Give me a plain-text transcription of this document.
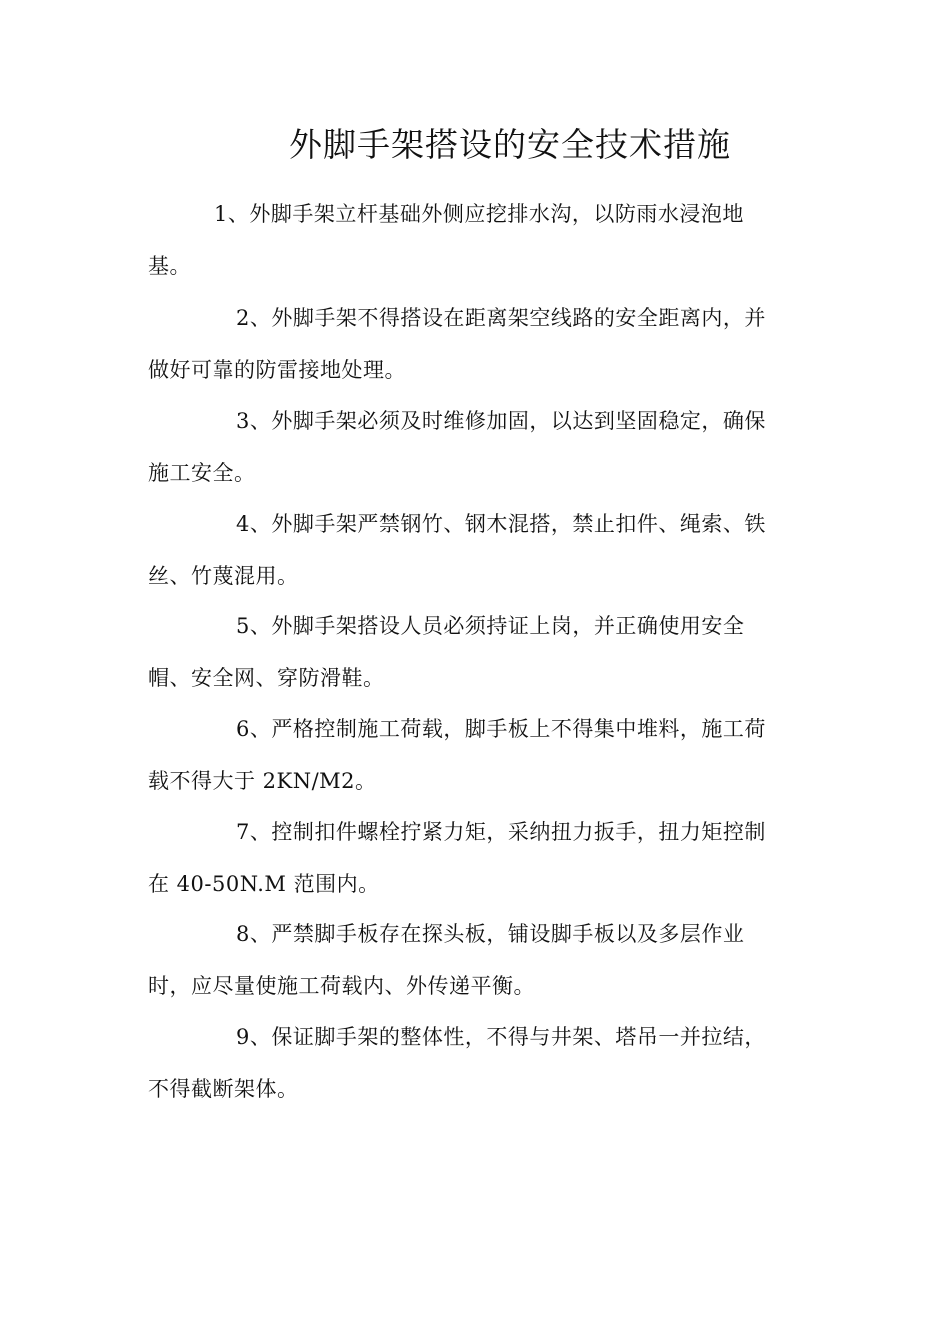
外脚手架搭设的安全技术措施

1、外脚手架立杆基础外侧应挖排水沟，以防雨水浸泡地
基。

2、外脚手架不得搭设在距离架空线路的安全距离内，并
做好可靠的防雷接地处理。

3、外脚手架必须及时维修加固，以达到坚固稳定，确保
施工安全。

4、外脚手架严禁钢竹、钢木混搭，禁止扣件、绳索、铁
丝、竹蔑混用。

5、外脚手架搭设人员必须持证上岗，并正确使用安全
帽、安全网、穿防滑鞋。

6、严格控制施工荷载，脚手板上不得集中堆料，施工荷
载不得大于 2KN/M2。

7、控制扣件螺栓拧紧力矩，采纳扭力扳手，扭力矩控制
在 40-50N.M 范围内。

8、严禁脚手板存在探头板，铺设脚手板以及多层作业
时，应尽量使施工荷载内、外传递平衡。

9、保证脚手架的整体性，不得与井架、塔吊一并拉结，
不得截断架体。
